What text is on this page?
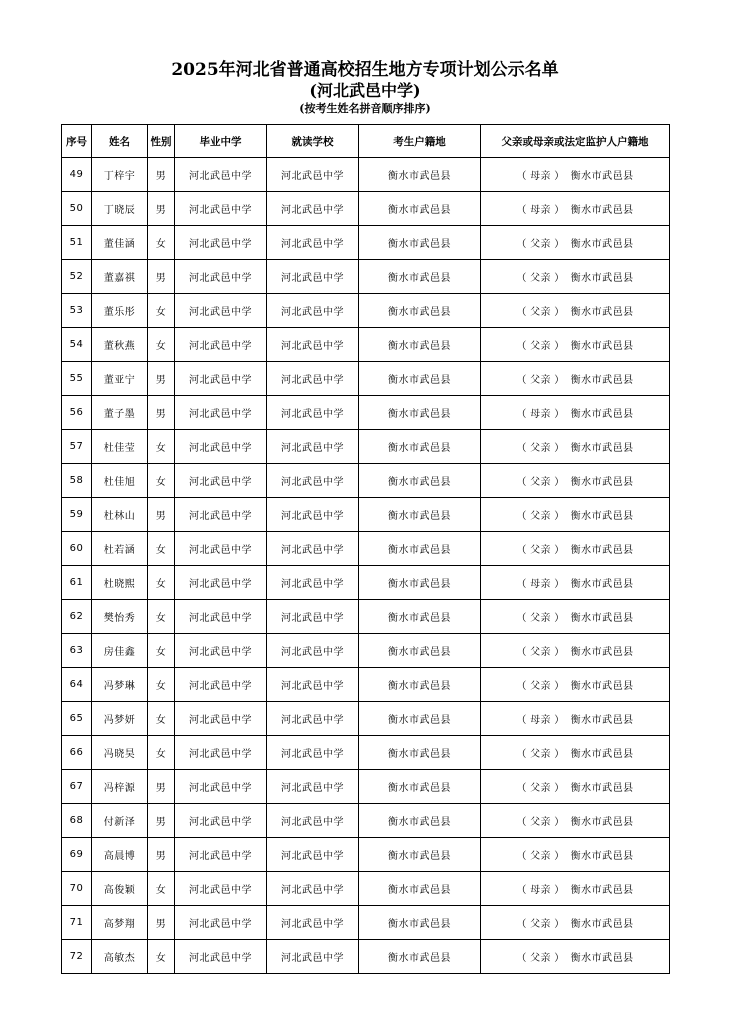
2025年河北省普通高校招生地方专项计划公示名单
(河北武邑中学)
(按考生姓名拼音顺序排序)
序号	姓名	性别	毕业中学	就读学校	考生户籍地	父亲或母亲或法定监护人户籍地
49	丁梓宇	男	河北武邑中学	河北武邑中学	衡水市武邑县	（ 母亲 ） 衡水市武邑县
50	丁晓辰	男	河北武邑中学	河北武邑中学	衡水市武邑县	（ 母亲 ） 衡水市武邑县
51	董佳涵	女	河北武邑中学	河北武邑中学	衡水市武邑县	（ 父亲 ） 衡水市武邑县
52	董嘉祺	男	河北武邑中学	河北武邑中学	衡水市武邑县	（ 父亲 ） 衡水市武邑县
53	董乐彤	女	河北武邑中学	河北武邑中学	衡水市武邑县	（ 父亲 ） 衡水市武邑县
54	董秋燕	女	河北武邑中学	河北武邑中学	衡水市武邑县	（ 父亲 ） 衡水市武邑县
55	董亚宁	男	河北武邑中学	河北武邑中学	衡水市武邑县	（ 父亲 ） 衡水市武邑县
56	董子墨	男	河北武邑中学	河北武邑中学	衡水市武邑县	（ 母亲 ） 衡水市武邑县
57	杜佳莹	女	河北武邑中学	河北武邑中学	衡水市武邑县	（ 父亲 ） 衡水市武邑县
58	杜佳旭	女	河北武邑中学	河北武邑中学	衡水市武邑县	（ 父亲 ） 衡水市武邑县
59	杜林山	男	河北武邑中学	河北武邑中学	衡水市武邑县	（ 父亲 ） 衡水市武邑县
60	杜若涵	女	河北武邑中学	河北武邑中学	衡水市武邑县	（ 父亲 ） 衡水市武邑县
61	杜晓熙	女	河北武邑中学	河北武邑中学	衡水市武邑县	（ 母亲 ） 衡水市武邑县
62	樊怡秀	女	河北武邑中学	河北武邑中学	衡水市武邑县	（ 父亲 ） 衡水市武邑县
63	房佳鑫	女	河北武邑中学	河北武邑中学	衡水市武邑县	（ 父亲 ） 衡水市武邑县
64	冯梦琳	女	河北武邑中学	河北武邑中学	衡水市武邑县	（ 父亲 ） 衡水市武邑县
65	冯梦妍	女	河北武邑中学	河北武邑中学	衡水市武邑县	（ 母亲 ） 衡水市武邑县
66	冯晓昊	女	河北武邑中学	河北武邑中学	衡水市武邑县	（ 父亲 ） 衡水市武邑县
67	冯梓源	男	河北武邑中学	河北武邑中学	衡水市武邑县	（ 父亲 ） 衡水市武邑县
68	付新泽	男	河北武邑中学	河北武邑中学	衡水市武邑县	（ 父亲 ） 衡水市武邑县
69	高晨博	男	河北武邑中学	河北武邑中学	衡水市武邑县	（ 父亲 ） 衡水市武邑县
70	高俊颖	女	河北武邑中学	河北武邑中学	衡水市武邑县	（ 母亲 ） 衡水市武邑县
71	高梦翔	男	河北武邑中学	河北武邑中学	衡水市武邑县	（ 父亲 ） 衡水市武邑县
72	高敏杰	女	河北武邑中学	河北武邑中学	衡水市武邑县	（ 父亲 ） 衡水市武邑县
